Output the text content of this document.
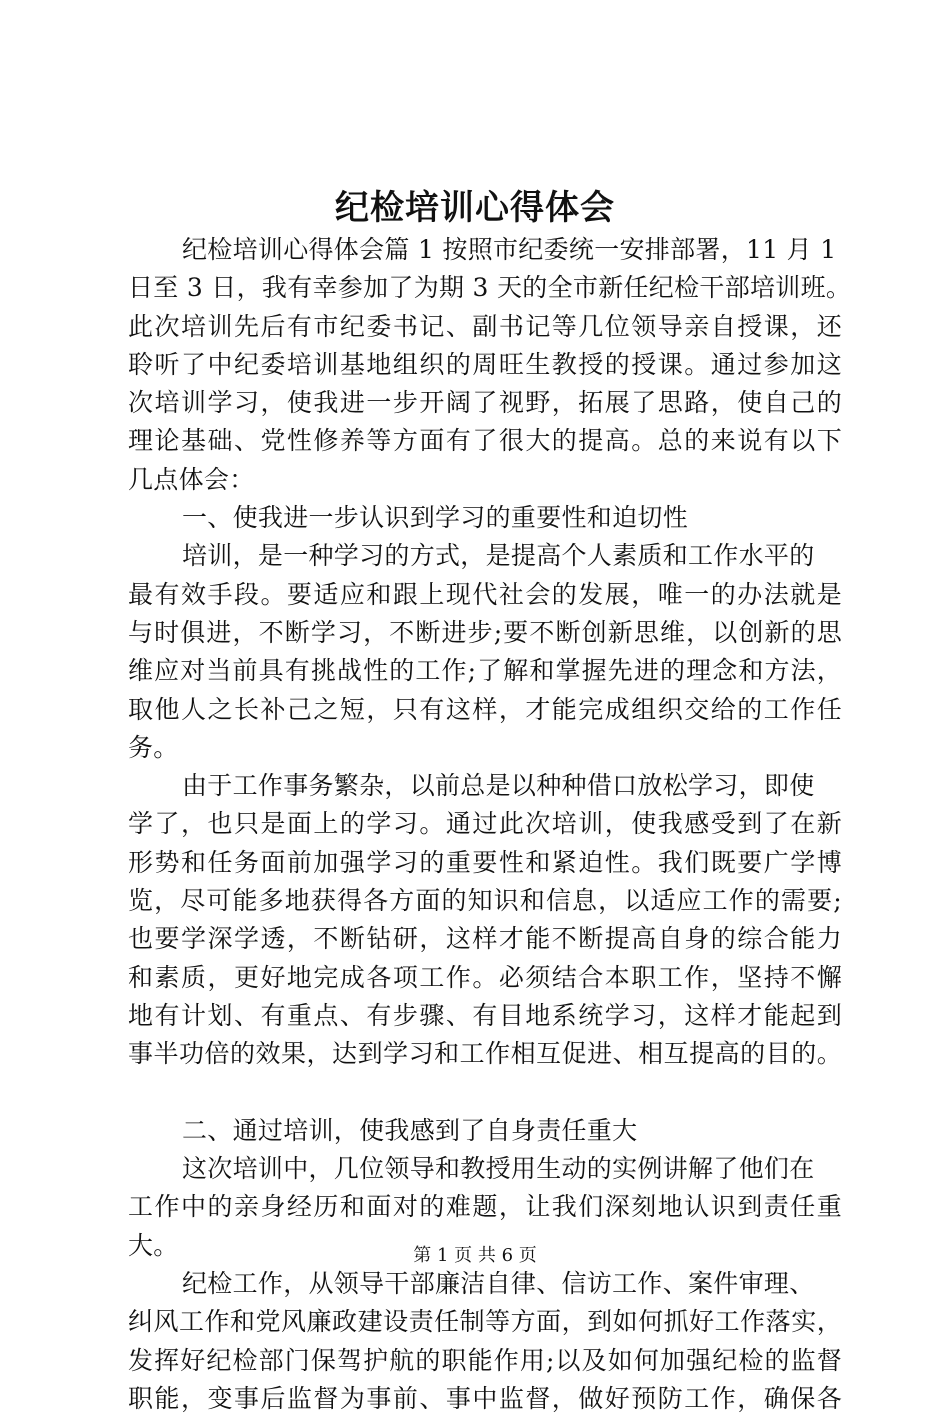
纪检培训心得体会
纪检培训心得体会篇 1 按照市纪委统一安排部署，11 月 1
日至 3 日，我有幸参加了为期 3 天的全市新任纪检干部培训班。
此次培训先后有市纪委书记、副书记等几位领导亲自授课，还
聆听了中纪委培训基地组织的周旺生教授的授课。通过参加这
次培训学习，使我进一步开阔了视野，拓展了思路，使自己的
理论基础、党性修养等方面有了很大的提高。总的来说有以下
几点体会：
一、使我进一步认识到学习的重要性和迫切性
培训，是一种学习的方式，是提高个人素质和工作水平的
最有效手段。要适应和跟上现代社会的发展，唯一的办法就是
与时俱进，不断学习，不断进步;要不断创新思维，以创新的思
维应对当前具有挑战性的工作;了解和掌握先进的理念和方法，
取他人之长补己之短，只有这样，才能完成组织交给的工作任
务。
由于工作事务繁杂，以前总是以种种借口放松学习，即使
学了，也只是面上的学习。通过此次培训，使我感受到了在新
形势和任务面前加强学习的重要性和紧迫性。我们既要广学博
览，尽可能多地获得各方面的知识和信息，以适应工作的需要;
也要学深学透，不断钻研，这样才能不断提高自身的综合能力
和素质，更好地完成各项工作。必须结合本职工作，坚持不懈
地有计划、有重点、有步骤、有目地系统学习，这样才能起到
事半功倍的效果，达到学习和工作相互促进、相互提高的目的。
二、通过培训，使我感到了自身责任重大
这次培训中，几位领导和教授用生动的实例讲解了他们在
工作中的亲身经历和面对的难题，让我们深刻地认识到责任重
大。
纪检工作，从领导干部廉洁自律、信访工作、案件审理、
纠风工作和党风廉政建设责任制等方面，到如何抓好工作落实，
发挥好纪检部门保驾护航的职能作用;以及如何加强纪检的监督
职能，变事后监督为事前、事中监督，做好预防工作，确保各
第 1 页 共 6 页
